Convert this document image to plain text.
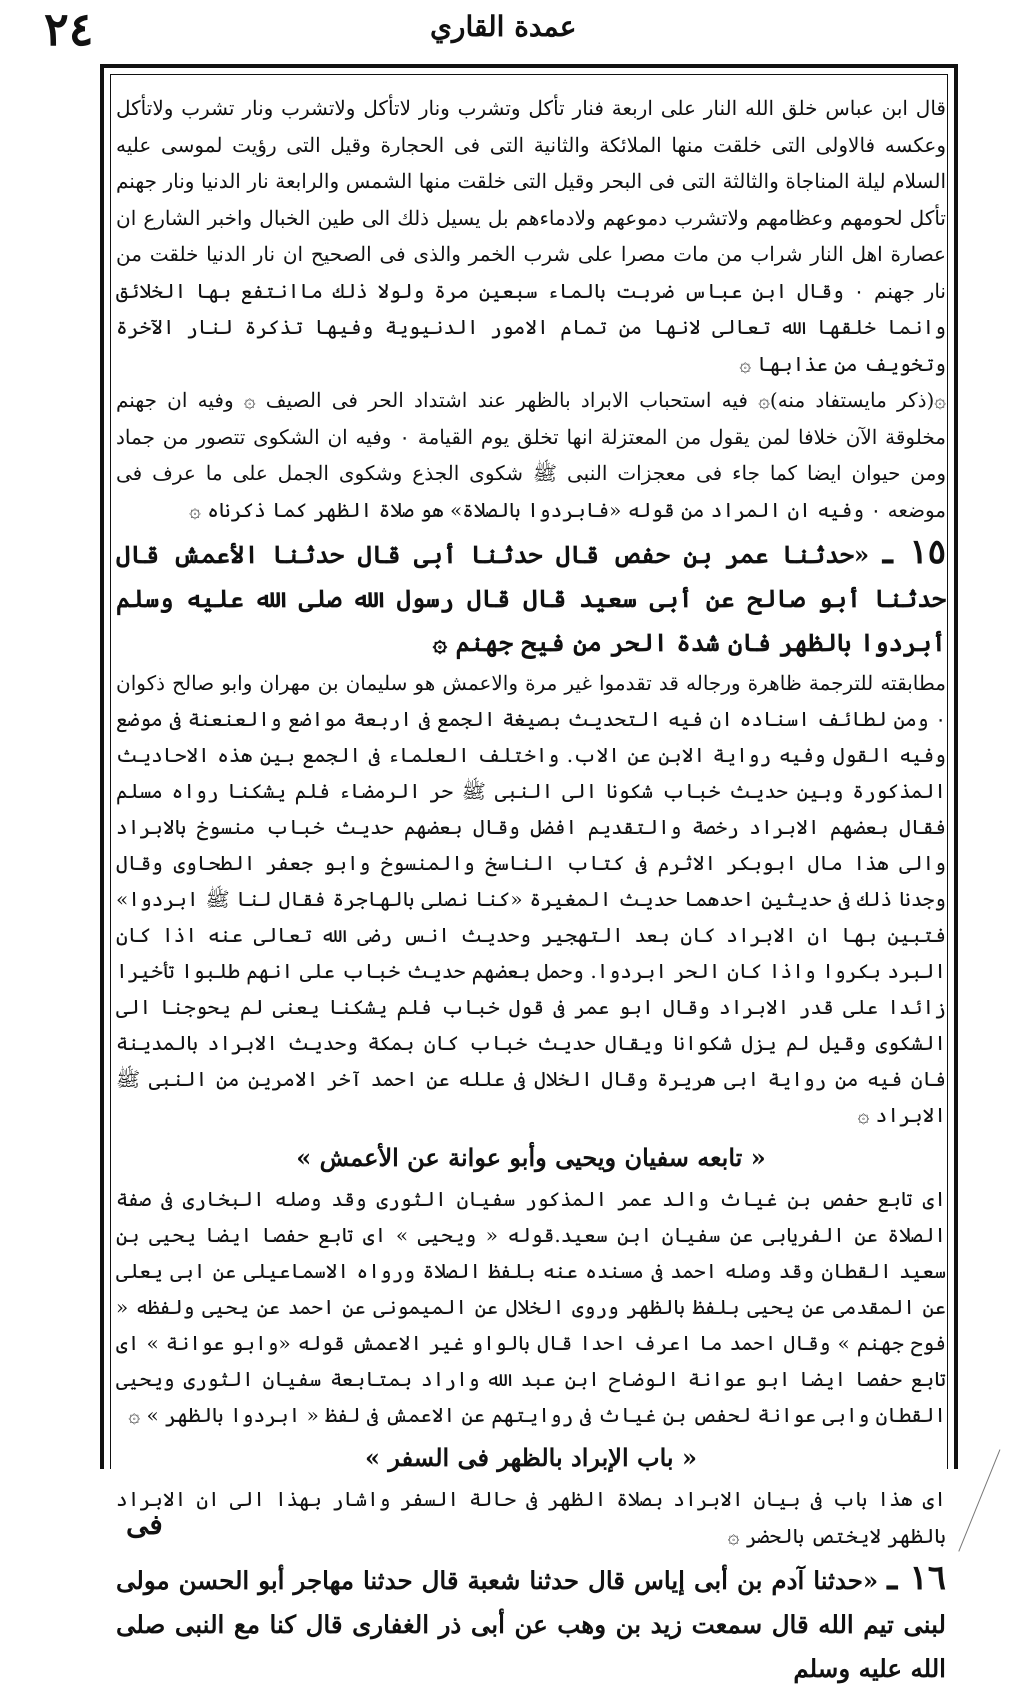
٢٤	عمدة القاري

قال ابن عباس خلق الله النار على اربعة فنار تأكل وتشرب ونار لاتأكل ولاتشرب ونار تشرب ولاتأكل وعكسه فالاولى التى خلقت منها الملائكة والثانية التى فى الحجارة وقيل التى رؤيت لموسى عليه السلام ليلة المناجاة والثالثة التى فى البحر وقيل التى خلقت منها الشمس والرابعة نار الدنيا ونار جهنم تأكل لحومهم وعظامهم ولاتشرب دموعهم ولادماءهم بل يسيل ذلك الى طين الخبال واخبر الشارع ان عصارة اهل النار شراب من مات مصرا على شرب الخمر والذى فى الصحيح ان نار الدنيا خلقت من نار جهنم ٠ وقال ابن عباس ضربت بالماء سبعين مرة ولولا ذلك ماانتفع بها الخلائق وانما خلقها الله تعالى لانها من تمام الامور الدنيوية وفيها تذكرة لنار الآخرة وتخويف من عذابها ۞

۞(ذكر مايستفاد منه)۞ فيه استحباب الابراد بالظهر عند اشتداد الحر فى الصيف ۞ وفيه ان جهنم مخلوقة الآن خلافا لمن يقول من المعتزلة انها تخلق يوم القيامة ٠ وفيه ان الشكوى تتصور من جماد ومن حيوان ايضا كما جاء فى معجزات النبى ﷺ شكوى الجذع وشكوى الجمل على ما عرف فى موضعه ٠ وفيه ان المراد من قوله «فابردوا بالصلاة» هو صلاة الظهر كما ذكرناه ۞

١٥ ـ «حدثنا عمر بن حفص قال حدثنا أبى قال حدثنا الأعمش قال حدثنا أبو صالح عن أبى سعيد قال قال رسول الله صلى الله عليه وسلم أبردوا بالظهر فان شدة الحر من فيح جهنم ۞

مطابقته للترجمة ظاهرة ورجاله قد تقدموا غير مرة والاعمش هو سليمان بن مهران وابو صالح ذكوان ٠ ومن لطائف اسناده ان فيه التحديث بصيغة الجمع فى اربعة مواضع والعنعنة فى موضع وفيه القول وفيه رواية الابن عن الاب. واختلف العلماء فى الجمع بين هذه الاحاديث المذكورة وبين حديث خباب شكونا الى النبى ﷺ حر الرمضاء فلم يشكنا رواه مسلم فقال بعضهم الابراد رخصة والتقديم افضل وقال بعضهم حديث خباب منسوخ بالابراد والى هذا مال ابوبكر الاثرم فى كتاب الناسخ والمنسوخ وابو جعفر الطحاوى وقال وجدنا ذلك فى حديثين احدهما حديث المغيرة «كنا نصلى بالهاجرة فقال لنا ﷺ ابردوا» فتبين بها ان الابراد كان بعد التهجير وحديث انس رضى الله تعالى عنه اذا كان البرد بكروا واذا كان الحر ابردوا. وحمل بعضهم حديث خباب على انهم طلبوا تأخيرا زائدا على قدر الابراد وقال ابو عمر فى قول خباب فلم يشكنا يعنى لم يحوجنا الى الشكوى وقيل لم يزل شكوانا ويقال حديث خباب كان بمكة وحديث الابراد بالمدينة فان فيه من رواية ابى هريرة وقال الخلال فى علله عن احمد آخر الامرين من النبى ﷺ الابراد ۞

« تابعه سفيان ويحيى وأبو عوانة عن الأعمش »

اى تابع حفص بن غياث والد عمر المذكور سفيان الثورى وقد وصله البخارى فى صفة الصلاة عن الفريابى عن سفيان ابن سعيد.قوله « ويحيى » اى تابع حفصا ايضا يحيى بن سعيد القطان وقد وصله احمد فى مسنده عنه بلفظ الصلاة ورواه الاسماعيلى عن ابى يعلى عن المقدمى عن يحيى بلفظ بالظهر وروى الخلال عن الميمونى عن احمد عن يحيى ولفظه « فوح جهنم » وقال احمد ما اعرف احدا قال بالواو غير الاعمش قوله «وابو عوانة » اى تابع حفصا ايضا ابو عوانة الوضاح ابن عبد الله واراد بمتابعة سفيان الثورى ويحيى القطان وابى عوانة لحفص بن غياث فى روايتهم عن الاعمش فى لفظ « ابردوا بالظهر » ۞

« باب الإبراد بالظهر فى السفر »

اى هذا باب فى بيان الابراد بصلاة الظهر فى حالة السفر واشار بهذا الى ان الابراد بالظهر لايختص بالحضر ۞

١٦ ـ «حدثنا آدم بن أبى إياس قال حدثنا شعبة قال حدثنا مهاجر أبو الحسن مولى لبنى تيم الله قال سمعت زيد بن وهب عن أبى ذر الغفارى قال كنا مع النبى صلى الله عليه وسلم

فى
